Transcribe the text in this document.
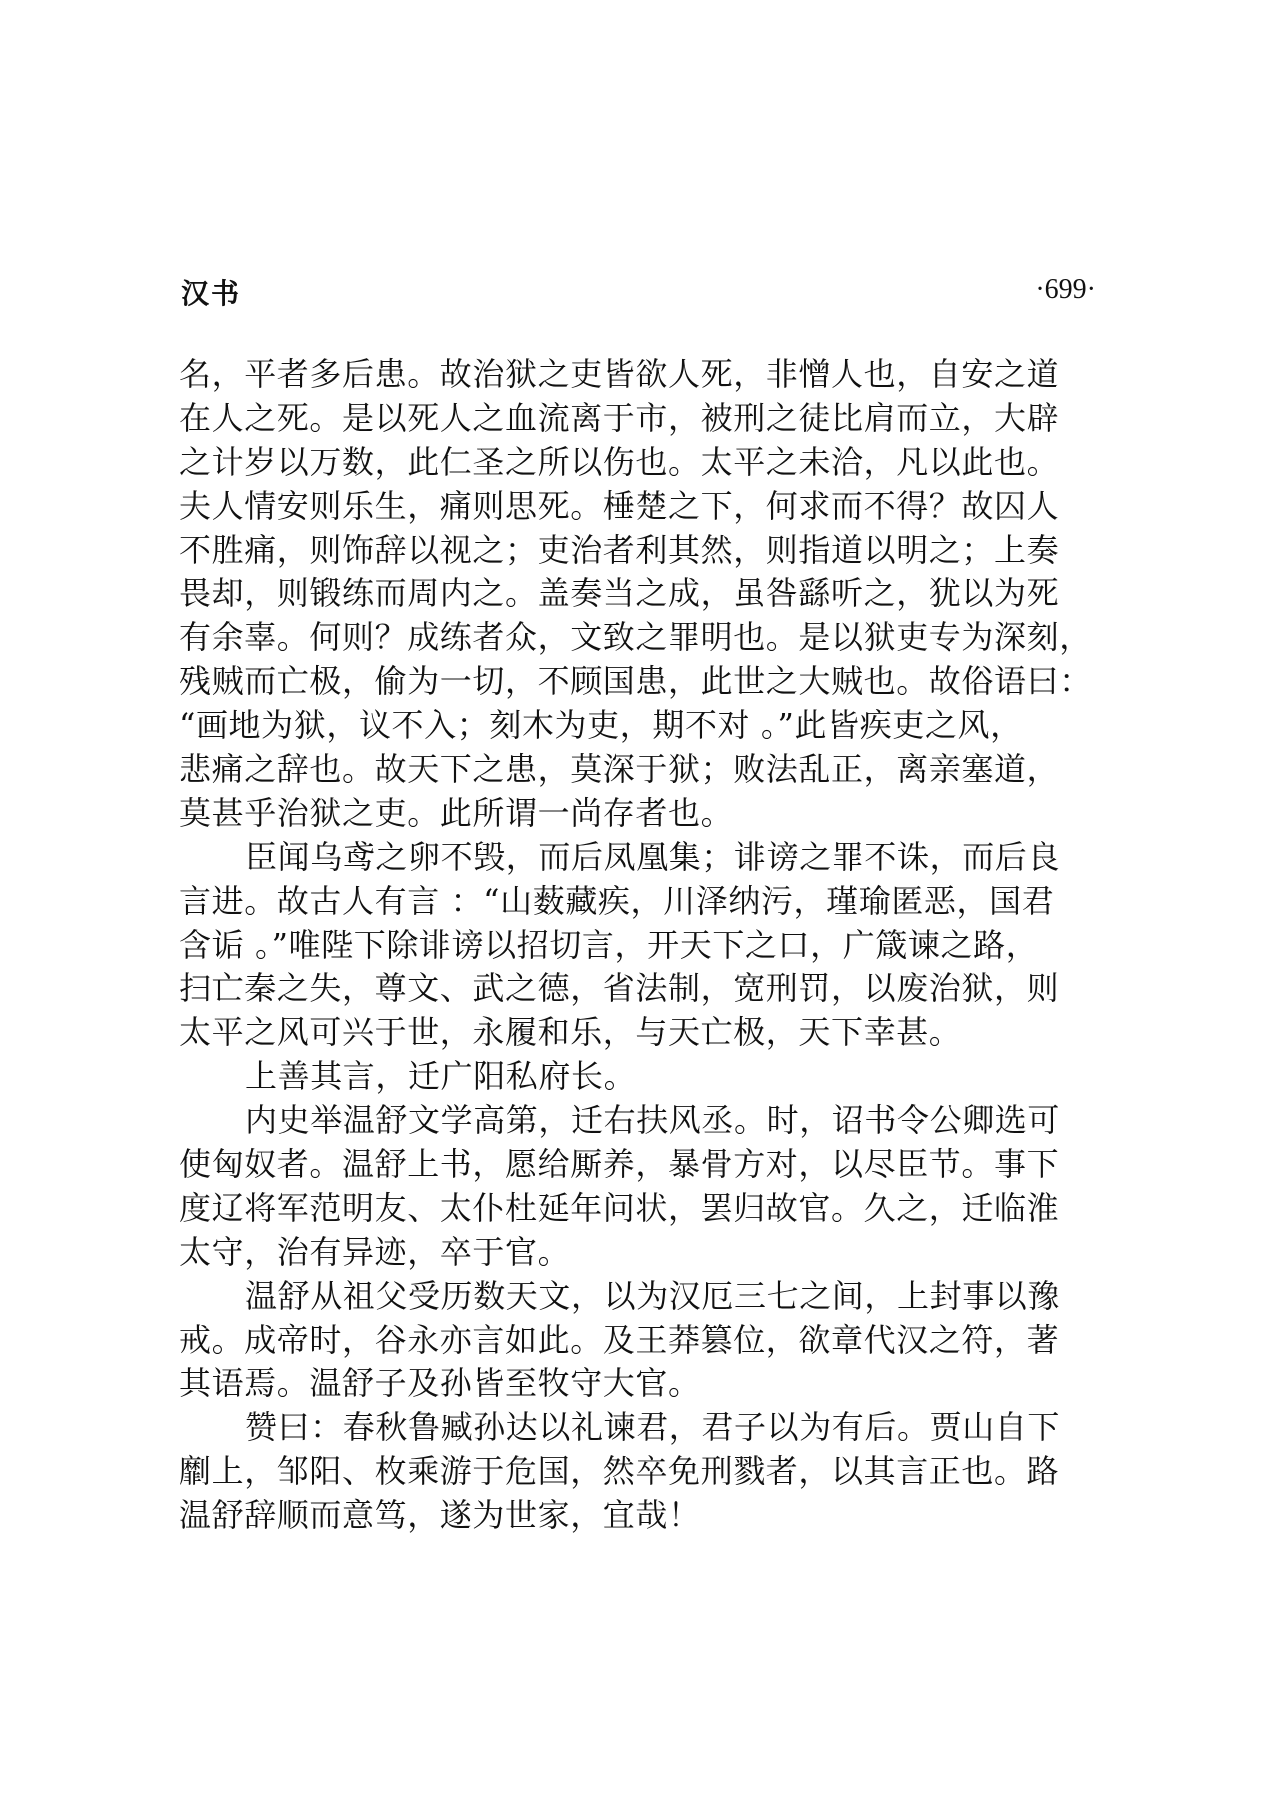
汉书	·699·
名，平者多后患。故治狱之吏皆欲人死，非憎人也，自安之道
在人之死。是以死人之血流离于市，被刑之徒比肩而立，大辟
之计岁以万数，此仁圣之所以伤也。太平之未洽，凡以此也。
夫人情安则乐生，痛则思死。棰楚之下，何求而不得？故囚人
不胜痛，则饰辞以视之；吏治者利其然，则指道以明之；上奏
畏却，则锻练而周内之。盖奏当之成，虽咎繇听之，犹以为死
有余辜。何则？成练者众，文致之罪明也。是以狱吏专为深刻，
残贼而亡极，偷为一切，不顾国患，此世之大贼也。故俗语曰：
“画地为狱，议不入；刻木为吏，期不对 。”此皆疾吏之风，
悲痛之辞也。故天下之患，莫深于狱；败法乱正，离亲塞道，
莫甚乎治狱之吏。此所谓一尚存者也。
臣闻乌鸢之卵不毁，而后凤凰集；诽谤之罪不诛，而后良
言进。故古人有言 ：“山薮藏疾，川泽纳污，瑾瑜匿恶，国君
含诟 。”唯陛下除诽谤以招切言，开天下之口，广箴谏之路，
扫亡秦之失，尊文、武之德，省法制，宽刑罚，以废治狱，则
太平之风可兴于世，永履和乐，与天亡极，天下幸甚。
上善其言，迁广阳私府长。
内史举温舒文学高第，迁右扶风丞。时，诏书令公卿选可
使匈奴者。温舒上书，愿给厮养，暴骨方对，以尽臣节。事下
度辽将军范明友、太仆杜延年问状，罢归故官。久之，迁临淮
太守，治有异迹，卒于官。
温舒从祖父受历数天文，以为汉厄三七之间，上封事以豫
戒。成帝时，谷永亦言如此。及王莽篡位，欲章代汉之符，著
其语焉。温舒子及孙皆至牧守大官。
赞曰：春秋鲁臧孙达以礼谏君，君子以为有后。贾山自下
劘上，邹阳、枚乘游于危国，然卒免刑戮者，以其言正也。路
温舒辞顺而意笃，遂为世家，宜哉！
